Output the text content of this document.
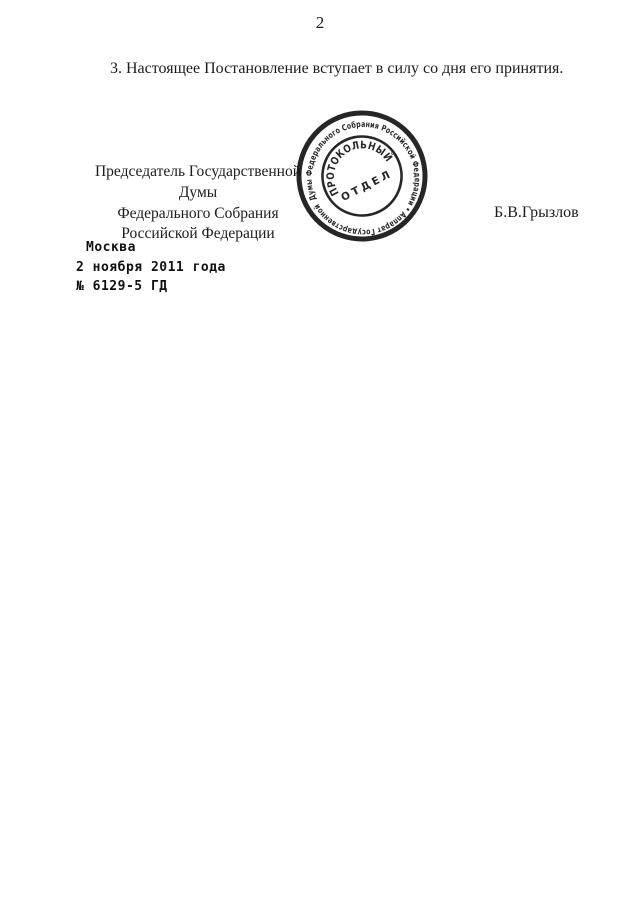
2
3. Настоящее Постановление вступает в силу со дня его принятия.
Председатель Государственной Думы
Федерального Собрания
Российской Федерации
Б.В.Грызлов
Думы Федерального Собрания Российской Федерации • Аппарат Государственной
ПРОТОКОЛЬНЫЙ
ОТДЕЛ
Москва
2 ноября 2011 года
№ 6129-5 ГД
